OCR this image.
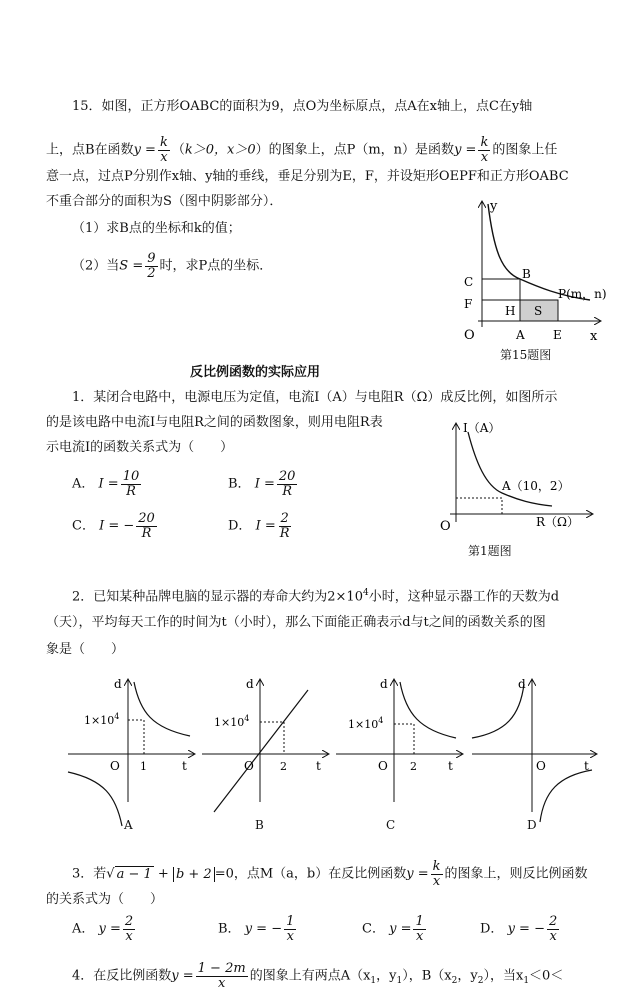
15．如图，正方形OABC的面积为9，点O为坐标原点，点A在x轴上，点C在y轴
上，点B在函数$y = \frac{k}{x} (k>0$，x＞0）的图象上，点P（m，n）是函数$y = \frac{k}{x}$ 的图象上任
意一点，过点P分别作x轴、y轴的垂线，垂足分别为E，F，并设矩形OEPF和正方形OABC
不重合部分的面积为S（图中阴影部分）．
（1）求B点的坐标和k的值；
（2）当$S = \frac{9}{2}$ 时，求P点的坐标．
C
B
P(m，n)
F	H S
O	A E x
y
第15题图
反比例函数的实际应用
1．某闭合电路中，电源电压为定值，电流I（A）与电阻R（Ω）成反比例，如图所示
的是该电路中电流I与电阻R之间的函数图象，则用电阻R表
示电流I的函数关系式为（　　）
A． $I = \frac{10}{R}$	B． $I = \frac{20}{R}$
C． I = − $\frac{20}{R}$	D． $I = \frac{2}{R}$
I（A）
A（10，2）
R（Ω）
O
第1题图
2．已知某种品牌电脑的显示器的寿命大约为$2\times 10^4$小时，这种显示器工作的天数为d
（天），平均每天工作的时间为t（小时），那么下面能正确表示d与t之间的函数关系的图
象是（　　）
d
t
O 1
$1\times 10^4$
A
d
t
O 2
$1\times 10^4$
B
d
t
O 2
$1\times 10^4$
C
d
t
O
D
3．若√ a − 1 + b + 2 =0，点M（a，b）在反比例函数$y = \frac{k}{x}$ 的图象上，则反比例函数
的关系式为（　　）
A． $y = \frac{2}{x}$	B． y = − $\frac{1}{x}$	C． $y = \frac{1}{x}$	D． y = − $\frac{2}{x}$
4．在反比例函数$y = \frac{1 - 2m}{x}$ 的图象上有两点$A(x_1$，$y_1$），$B(x_2$，$y_2$），当$x_1<0<$
